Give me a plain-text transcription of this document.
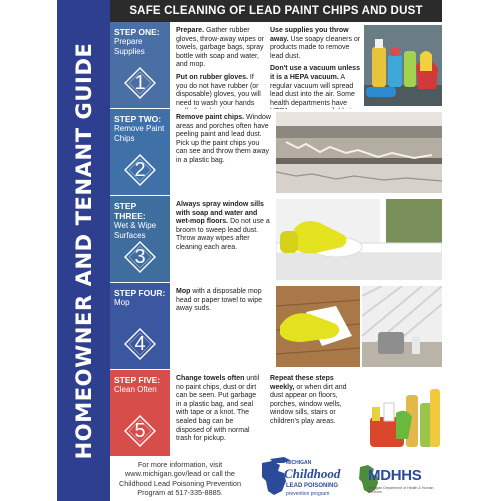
HOMEOWNER AND TENANT GUIDE
SAFE CLEANING OF LEAD PAINT CHIPS AND DUST
STEP ONE:
Prepare Supplies
1

Prepare. Gather rubber gloves, throw-away wipes or towels, garbage bags, spray bottle with soap and water, and mop.

Put on rubber gloves. If you do not have rubber (or disposable) gloves, you will need to wash your hands

Use supplies you throw away. Use soapy cleaners or products made to remove lead dust.

Don't use a vacuum unless it is a HEPA vacuum. A regular vacuum will spread lead dust into the air. Some health departments have

STEP TWO:
Remove Paint Chips
2

Remove paint chips. Window areas and porches often have peeling paint and lead dust. Pick up the paint chips you can see and throw them away in a plastic bag.

STEP THREE:
Wet & Wipe Surfaces
3

Always spray window sills with soap and water and wet-mop floors. Do not use a broom to sweep lead dust. Throw away wipes after cleaning each area.

STEP FOUR:
Mop
4

Mop with a disposable mop head or paper towel to wipe away suds.

STEP FIVE:
Clean Often
5

Change towels often until no paint chips, dust or dirt can be seen. Put garbage in a plastic bag, and seal with tape or a knot. The sealed bag can be disposed of with normal trash for pickup.

Repeat these steps weekly, or when dirt and dust appear on floors, porches, window wells, window sills, stairs or children's play areas.

For more information, visit www.michigan.gov/lead or call the Childhood Lead Poisoning Prevention Program at 517-335-8885.
MICHIGAN
Childhood
LEAD POISONING
prevention program
MDHHS
Michigan Department of Health & Human Services
